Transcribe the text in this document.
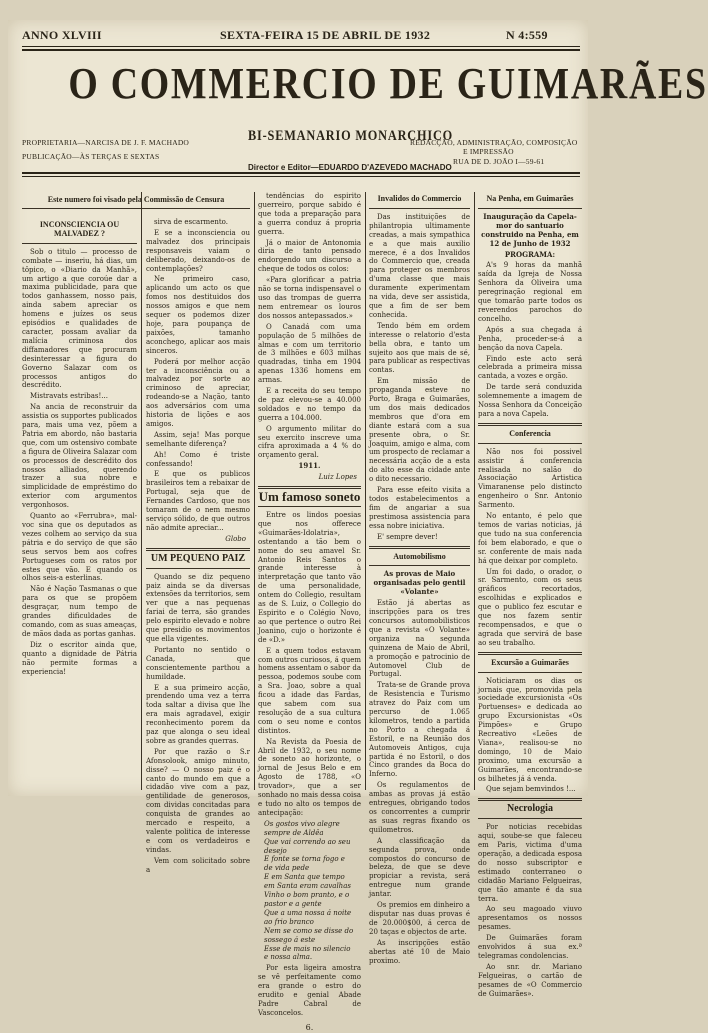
ANNO XLVIII	SEXTA-FEIRA 15 DE ABRIL DE 1932	N 4:559
O COMMERCIO DE GUIMARÃES
PROPRIETARIA—NARCISA DE J. F. MACHADO
PUBLICAÇÃO—ÀS TERÇAS E SEXTAS
BI-SEMANARIO MONARCHICO
Director e Editor—EDUARDO D'AZEVEDO MACHADO
REDACÇÃO, ADMINISTRAÇÃO, COMPOSIÇÃO
E IMPRESSÃO
RUA DE D. JOÃO I—59-61
Este numero foi visado pela Commissão de Censura
INCONSCIENCIA OU MALVADEZ ?

Sob o titulo — processo de combate — inseriu, há dias, um tôpico, o «Diario da Manhã», um artigo a que coroúe dar a maxima publicidade, para que todos ganhassem, nosso pais, ainda sabem apreciar os homens e juízes os seus episódios e qualidades de caracter, possam avaliar da malícia criminosa dos diffamadores que procuram desinteressar a figura do Governo Salazar com os processos antigos do descrédito.

Mistravats estribas!...

Na ancia de reconstruir da assistia os supportes publicados para, mais uma vez, põem a Patria em abordo, não bastaria que, com um ostensivo combate a figura de Oliveira Salazar com os processos de descrédito dos nossos alliados, querendo trazer a sua nobre e simplicidade de empréstimo do exterior com argumentos vergonhosos.

Quanto ao «Ferrubra», mal-voc sina que os deputados as vezes colhem ao serviço da sua pátria e do serviço de que são seus servos bem aos cofres Portugueses com os ratos por estes que vão. E quando os olhos seis-a esterlinas.

Não é Nação Tasmanas o que para os que se propõem desgraçar, num tempo de grandes dificuldades de comando, com as suas ameaças, de mãos dada as portas ganhas.

Diz o escritor ainda que, quanto a dignidade de Pátria não permite formas a experiencia!

sirva de escarmento.

E se a inconsciencia ou malvadez dos principais responsaveis vaiam o deliberado, deixando-os de contemplações?

Ne primeiro caso, aplicando um acto os que fomos nos destituidos dos nossos amigos e que nem sequer os podemos dizer hoje, para poupança de paixões, tamanho aconchego, aplicar aos mais sinceros.

Poderá por melhor acção ter a inconsciência ou a malvadez por sorte ao criminoso de apreciar, rodeando-se a Nação, tanto aos adversários com uma historia de lições e aos amigos.

Assim, seja! Mas porque semelhante diferença?

Ah! Como é triste confessando!

E que os publicos brasileiros tem a rebaixar de Portugal, seja que de Fernandes Cardoso, que nos tomaram de o nem mesmo serviço sólido, de que outros não admite apreciar...

Globo
UM PEQUENO PAIZ

Quando se diz pequeno paiz ainda se da diversas extensões da territorios, sem ver que a nas pequenas fariai de terra, são grandes pelo espirito elevado e nobre que presidio os movimentos que ella vigentes.

Portanto no sentido o Canada, que conscientemente parthou a humildade.

E a sua primeiro acção, prendendo uma vez a terra toda saltar a divisa que lhe era mais agradavel, exigir reconhecimento porem da paz que alonga o seu ideal sobre as grandes querras.

Por que razão o S.r Afonsolook, amigo minuto, disse? — O nosso paiz é o canto do mundo em que a cidadão vive com a paz, gentilidade de generosos, com dividas concitadas para conquista de grandes ao mercado e respeito, a valente politica de interesse e com os verdadeiros e vindas.

Vem com solicitado sobre a

tendências do espirito guerreiro, porque sabido é que toda a preparação para a guerra conduz á propria guerra.

Já o maior de Antonomia diria de tanto pensado endorgendo um discurso a cheque de todos os colos:

«Para glorificar a patria não se torna indispensavel o uso das trompas de guerra nem entremear os louros dos nossos antepassados.»

O Canadá com uma população de 5 milhões de almas e com um territorio de 3 milhões e 603 milhas quadradas, tinha em 1904 apenas 1336 homens em armas.

E a receita do seu tempo de paz elevou-se a 40.000 soldados e no tempo da guerra a 104.000.

O argumento militar do seu exercito inscreve uma cifra aproximada a 4 % do orçamento geral.

1911.
Luiz Lopes
Um famoso soneto

Entre os lindos poesias que nos offerece «Guimarães-Idolatria», ostentando a tão bem o nome do seu amavel Sr. Antonio Reis Santos o grande interesse à interpretação que tanto vão de uma personalidade, ontem do Collegio, resultam as de S. Luiz, o Collegio do Espirito e o Colégio Novo, ao que pertence o outro Rei Joanino, cujo o horizonte é de «D.»

E a quem todos estavam com outros curiosos, á quem homens assentam o sabor da pessoa, podemos soube com a Sra. Joao, sobre a qual ficou a idade das Fardas, que sabem com sua resolução de a sua cultura com o seu nome e contos distintos.

Na Revista da Poesia de Abril de 1932, o seu nome de soneto ao horizonte, o jornal de Jesus Belo e em Agosto de 1788, «O trovador», que a ser sonhado no mais dessa coisa e tudo no alto os tempos de antecipação:

Os gostos vivo alegre sempre de Aldêa
Que vai correndo ao seu desejo
E fonte se torna fogo e de vida pede
E em Santa que tempo em Santa eram cavalhas
Vinho o bom pranto, e o pastor e a gente
Que a uma nossa á noite ao frio branco
Nem se como se disse do sossego á este
Esse de mais no silencio e nossa alma.

Por esta ligeira amostra se vê perfeitamente como era grande o estro do erudito e genial Abade Padre Cabral de Vasconcelos.

6.
Invalidos do Commercio

Das instituições de philantropia ultimamente creadas, a mais sympathica e a que mais auxilio merece, é a dos Invalidos do Commercio que, creada para proteger os membros d'uma classe que mais duramente experimentam na vida, deve ser assistida, que a fim de ser bem conhecida.

Tendo bém em ordem interesse o relatorio d'esta bella obra, e tanto um sujeito aos que mais de sé, para publicar as respectivas contas.

Em missão de propaganda esteve no Porto, Braga e Guimarães, um dos mais dedicados membros que d'ora em diante estará com a sua presente obra, o Sr. Joaquim, amigo e alma, com um prospecto de reclamar a necessária acção de a esta do alto esse da cidade ante o dito necessario.

Para esse efeito visita a todos estabelecimentos a fim de angariar a sua prestimosa assistencia para essa nobre iniciativa.

E' sempre dever!

Automobilismo
As provas de Maio organisadas pelo gentil «Volante»

Estão já abertas as inscripções para os tres concursos automobilisticos que a revista «O Volante» organiza na segunda quinzena de Maio de Abril, a promoção e patrocinio de Automovel Club de Portugal.

Trata-se de Grande prova de Resistencia e Turismo atravez do Paiz com um percurso de 1.065 kilometros, tendo a partida no Porto a chegada á Estoril, e na Reunião dos Automoveis Antigos, cuja partida é no Estoril, o dos Cinco grandes da Boca do Inferno.

Os regulamentos de ambas as provas já estão entregues, obrigando todos os concorrentes a cumprir as suas regras fixando os quilometros.

A classificação da segunda prova, onde compostos do concurso de beleza, de que se deve propiciar a revista, será entregue num grande jantar.

Os premios em dinheiro a disputar nas duas provas é de 20.000$00, á cerca de 20 taças e objectos de arte.

As inscripções estão abertas até 10 de Maio proximo.

Na Penha, em Guimarães
Inauguração da Capela-mor do santuario construido na Penha, em 12 de Junho de 1932
PROGRAMA:

A's 9 horas da manhã saída da Igreja de Nossa Senhora da Oliveira uma peregrinação regional em que tomarão parte todos os reverendos parochos do concelho.

Após a sua chegada á Penha, proceder-se-á a benção da nova Capela.

Findo este acto será celebrada a primeira missa cantada, a vozes e orgão.

De tarde será conduzida solemnemente a imagem de Nossa Senhora da Conceição para a nova Capela.

Conferencia

Não nos foi possivel assistir á conferencia realisada no salão do Associação Artistica Vimaranense pelo distincto engenheiro o Snr. Antonio Sarmento.

No entanto, é pelo que temos de varias noticias, já que tudo na sua conferencia foi bem elaborado, e que o sr. conferente de mais nada há que deixar por completo.

Um foi dado, o orador, o sr. Sarmento, com os seus gráficos recortados, escolhidas e explicados e que o publico fez escutar e que nos fazem sentir recompensados, e que o agrada que servirá de base ao seu trabalho.

Excursão a Guimarães

Noticiaram os dias os jornais que, promovida pela sociedade excursionista «Os Portuenses» e dedicada ao grupo Excursionistas «Os Pimpões» e Grupo Recreativo «Leões de Viana», realisou-se no domingo, 10 de Maio proximo, uma excursão a Guimarães, encontrando-se os bilhetes já á venda.

Que sejam bemvindos !...

Necrologia

Por noticias recebidas aqui, soube-se que faleceu em Paris, victima d'uma operação, a dedicada esposa do nosso subscriptor e estimado conterraneo o cidadão Mariano Felgueiras, que tão amante é da sua terra.

Ao seu magoado viuvo apresentamos os nossos pesames.

De Guimarães foram envolvidos á sua ex.ª telegramas condolencias.

Ao snr. dr. Mariano Felgueiras, o cartão de pesames de «O Commercio de Guimarães».
